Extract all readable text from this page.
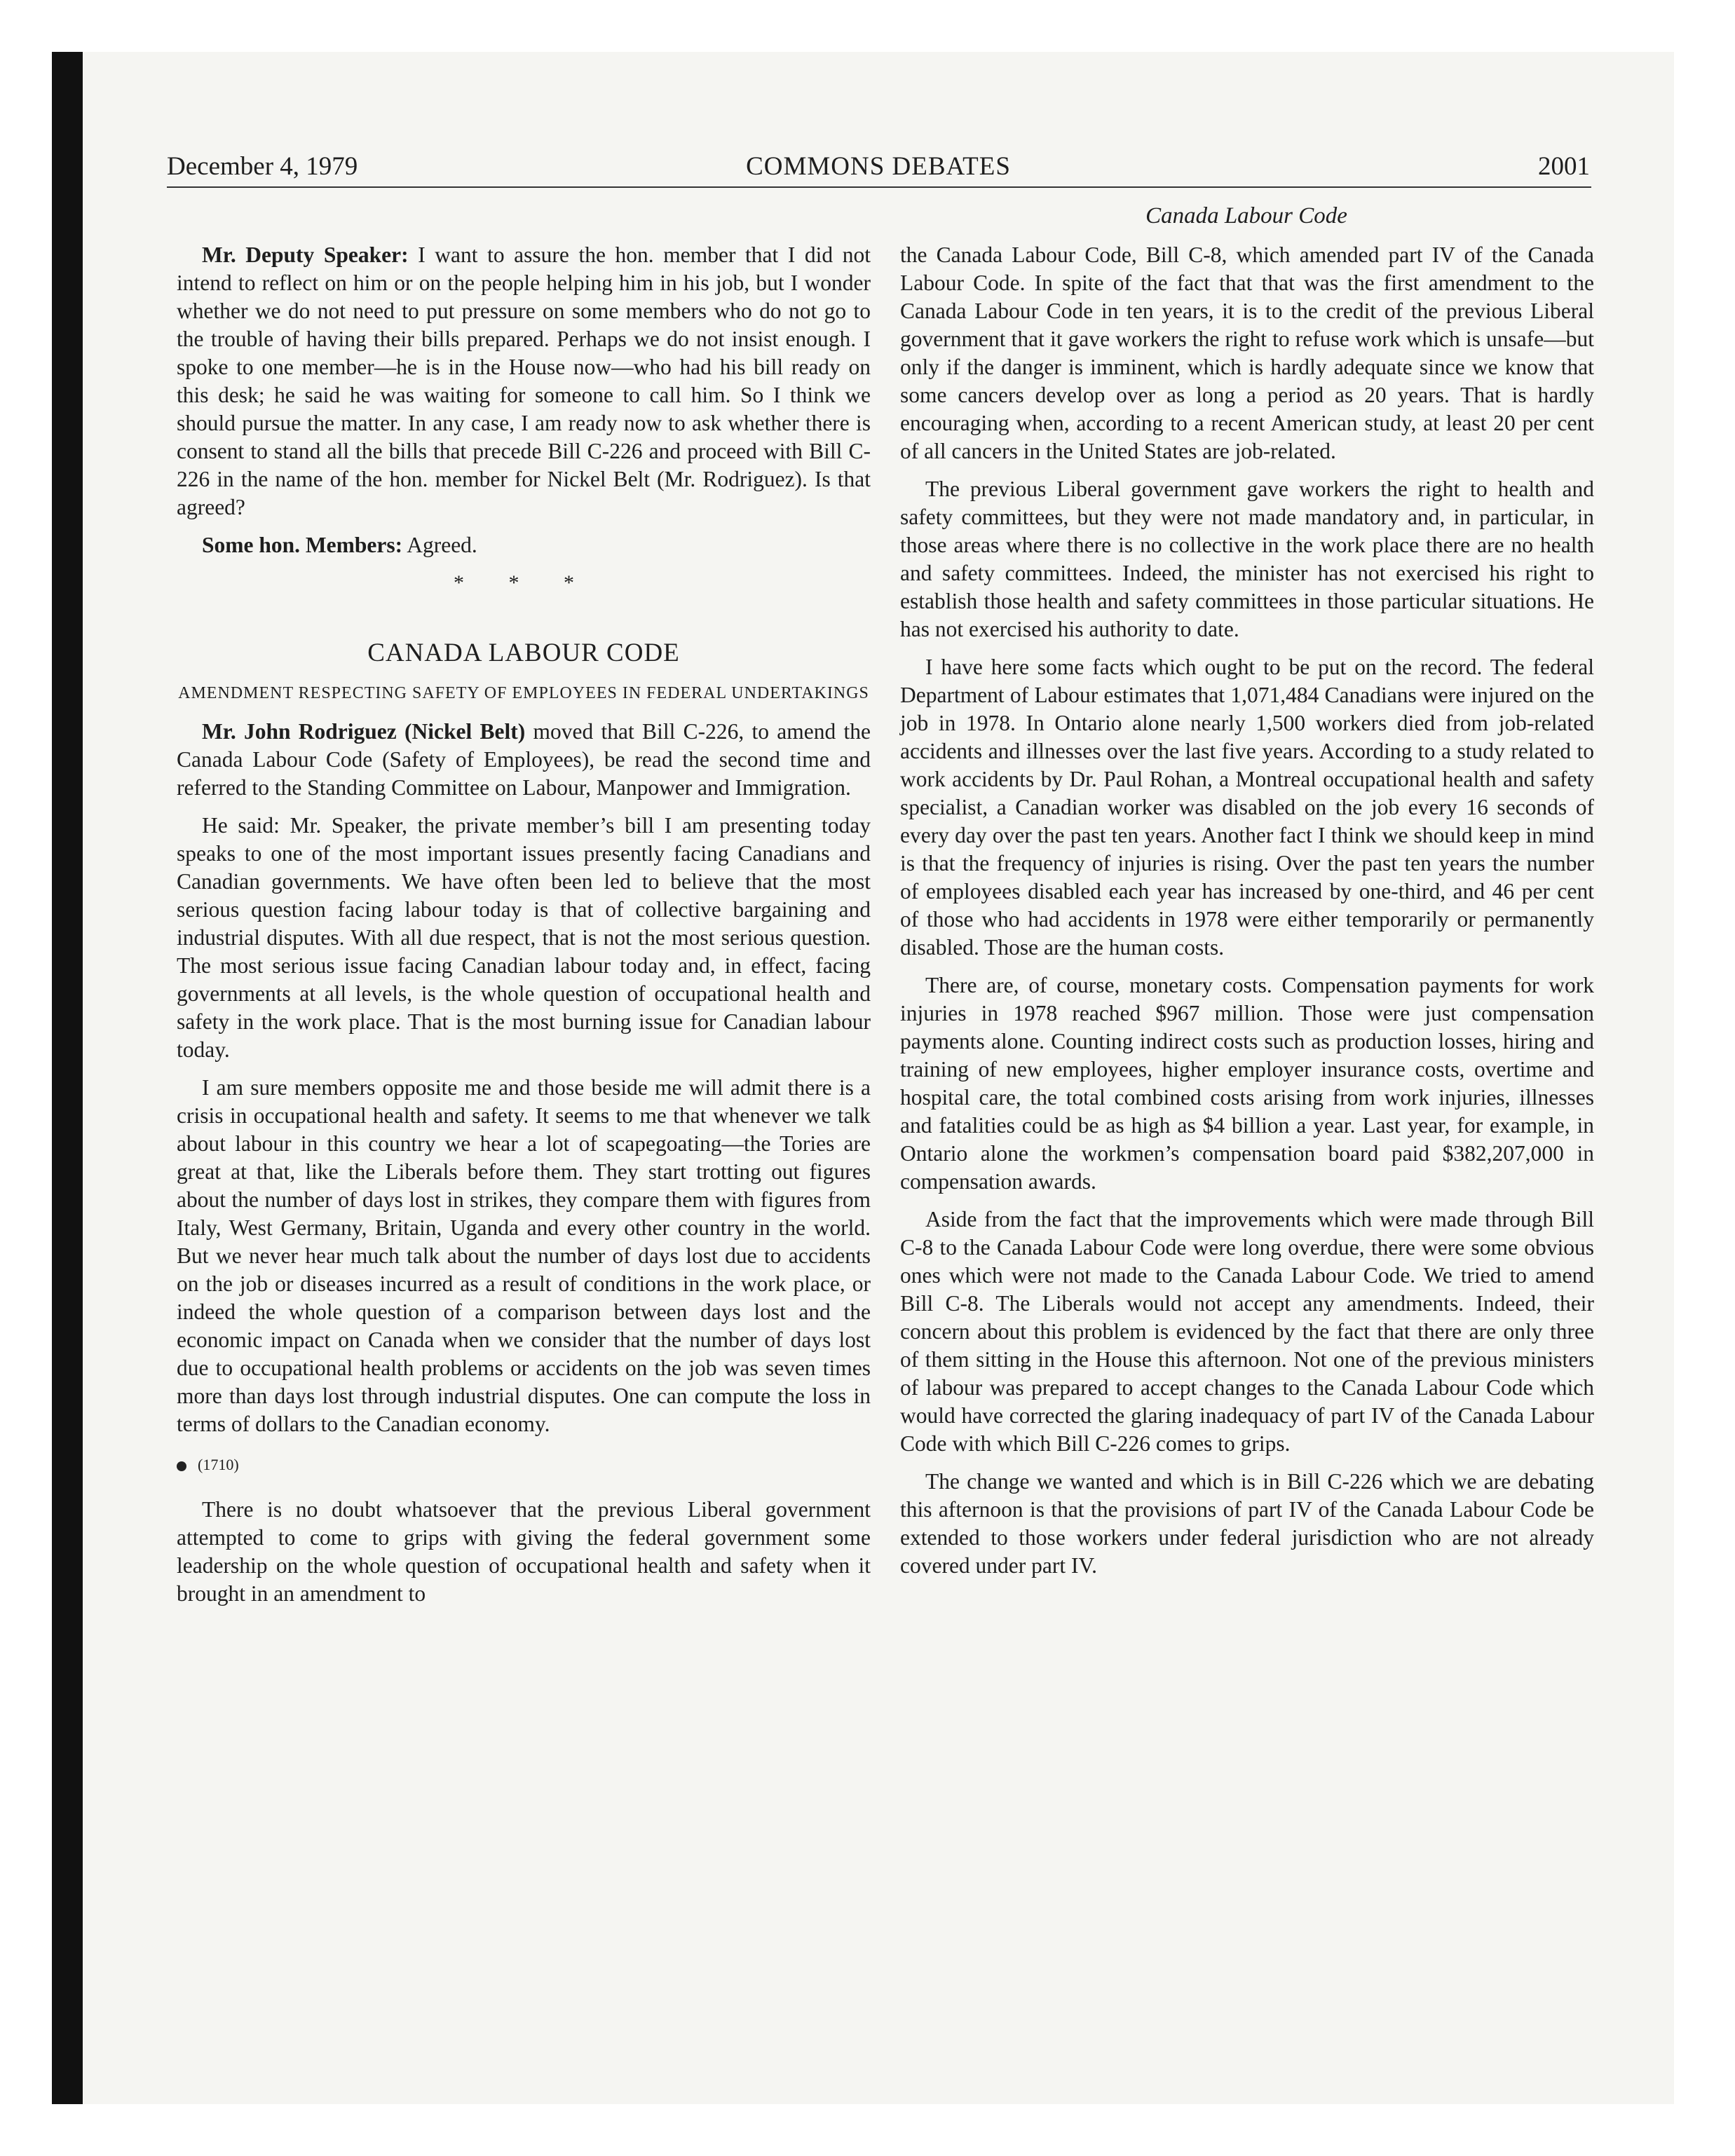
December 4, 1979	COMMONS DEBATES	2001
Canada Labour Code

Mr. Deputy Speaker: I want to assure the hon. member that I did not intend to reflect on him or on the people helping him in his job, but I wonder whether we do not need to put pressure on some members who do not go to the trouble of having their bills prepared. Perhaps we do not insist enough. I spoke to one member—he is in the House now—who had his bill ready on this desk; he said he was waiting for someone to call him. So I think we should pursue the matter. In any case, I am ready now to ask whether there is consent to stand all the bills that precede Bill C-226 and proceed with Bill C-226 in the name of the hon. member for Nickel Belt (Mr. Rodriguez). Is that agreed?

Some hon. Members: Agreed.

* * *
CANADA LABOUR CODE
AMENDMENT RESPECTING SAFETY OF EMPLOYEES IN FEDERAL UNDERTAKINGS

Mr. John Rodriguez (Nickel Belt) moved that Bill C-226, to amend the Canada Labour Code (Safety of Employees), be read the second time and referred to the Standing Committee on Labour, Manpower and Immigration.

He said: Mr. Speaker, the private member’s bill I am presenting today speaks to one of the most important issues presently facing Canadians and Canadian governments. We have often been led to believe that the most serious question facing labour today is that of collective bargaining and industrial disputes. With all due respect, that is not the most serious question. The most serious issue facing Canadian labour today and, in effect, facing governments at all levels, is the whole question of occupational health and safety in the work place. That is the most burning issue for Canadian labour today.

I am sure members opposite me and those beside me will admit there is a crisis in occupational health and safety. It seems to me that whenever we talk about labour in this country we hear a lot of scapegoating—the Tories are great at that, like the Liberals before them. They start trotting out figures about the number of days lost in strikes, they compare them with figures from Italy, West Germany, Britain, Uganda and every other country in the world. But we never hear much talk about the number of days lost due to accidents on the job or diseases incurred as a result of conditions in the work place, or indeed the whole question of a comparison between days lost and the economic impact on Canada when we consider that the number of days lost due to occupational health problems or accidents on the job was seven times more than days lost through industrial disputes. One can compute the loss in terms of dollars to the Canadian economy.

(1710)

There is no doubt whatsoever that the previous Liberal government attempted to come to grips with giving the federal government some leadership on the whole question of occupational health and safety when it brought in an amendment to

the Canada Labour Code, Bill C-8, which amended part IV of the Canada Labour Code. In spite of the fact that that was the first amendment to the Canada Labour Code in ten years, it is to the credit of the previous Liberal government that it gave workers the right to refuse work which is unsafe—but only if the danger is imminent, which is hardly adequate since we know that some cancers develop over as long a period as 20 years. That is hardly encouraging when, according to a recent American study, at least 20 per cent of all cancers in the United States are job-related.

The previous Liberal government gave workers the right to health and safety committees, but they were not made mandatory and, in particular, in those areas where there is no collective in the work place there are no health and safety committees. Indeed, the minister has not exercised his right to establish those health and safety committees in those particular situations. He has not exercised his authority to date.

I have here some facts which ought to be put on the record. The federal Department of Labour estimates that 1,071,484 Canadians were injured on the job in 1978. In Ontario alone nearly 1,500 workers died from job-related accidents and illnesses over the last five years. According to a study related to work accidents by Dr. Paul Rohan, a Montreal occupational health and safety specialist, a Canadian worker was disabled on the job every 16 seconds of every day over the past ten years. Another fact I think we should keep in mind is that the frequency of injuries is rising. Over the past ten years the number of employees disabled each year has increased by one-third, and 46 per cent of those who had accidents in 1978 were either temporarily or permanently disabled. Those are the human costs.

There are, of course, monetary costs. Compensation payments for work injuries in 1978 reached $967 million. Those were just compensation payments alone. Counting indirect costs such as production losses, hiring and training of new employees, higher employer insurance costs, overtime and hospital care, the total combined costs arising from work injuries, illnesses and fatalities could be as high as $4 billion a year. Last year, for example, in Ontario alone the workmen’s compensation board paid $382,207,000 in compensation awards.

Aside from the fact that the improvements which were made through Bill C-8 to the Canada Labour Code were long overdue, there were some obvious ones which were not made to the Canada Labour Code. We tried to amend Bill C-8. The Liberals would not accept any amendments. Indeed, their concern about this problem is evidenced by the fact that there are only three of them sitting in the House this afternoon. Not one of the previous ministers of labour was prepared to accept changes to the Canada Labour Code which would have corrected the glaring inadequacy of part IV of the Canada Labour Code with which Bill C-226 comes to grips.

The change we wanted and which is in Bill C-226 which we are debating this afternoon is that the provisions of part IV of the Canada Labour Code be extended to those workers under federal jurisdiction who are not already covered under part IV.
